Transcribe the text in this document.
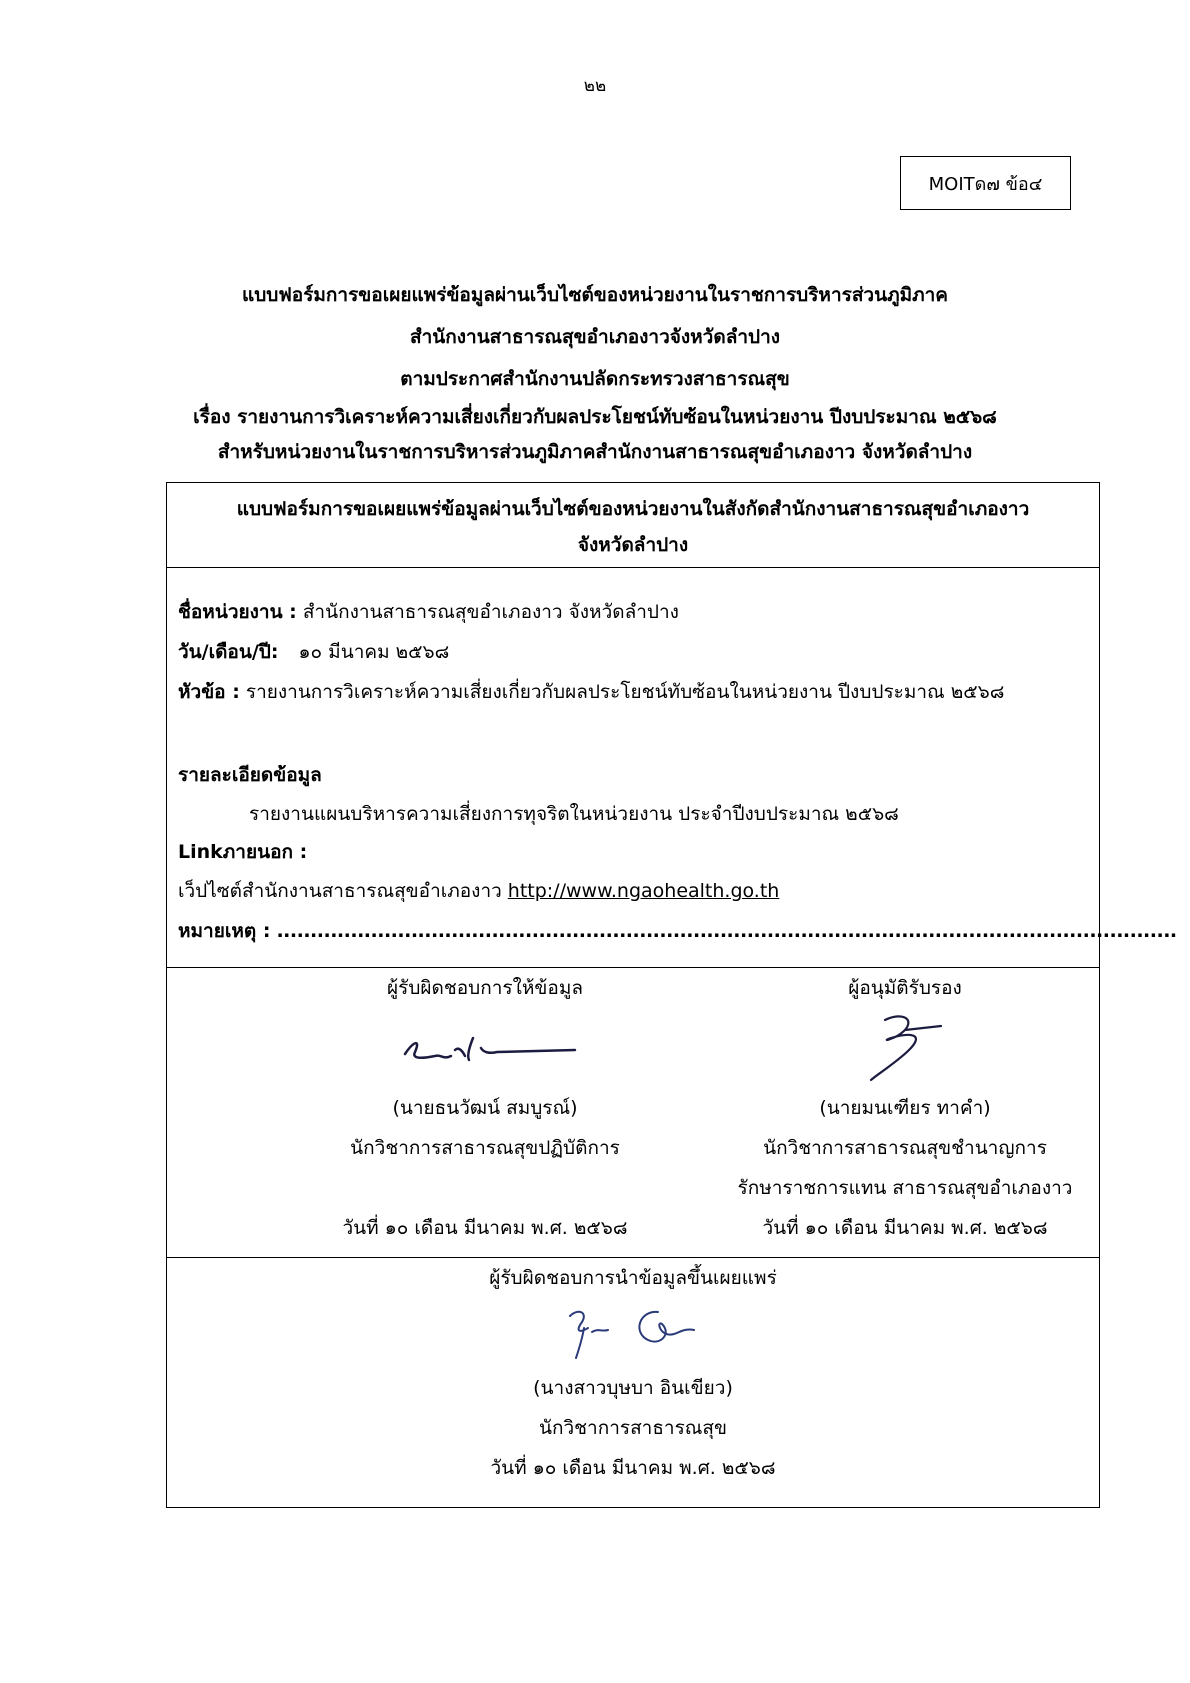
๒๒
MOITด๗ ข้อ๔
แบบฟอร์มการขอเผยแพร่ข้อมูลผ่านเว็บไซต์ของหน่วยงานในราชการบริหารส่วนภูมิภาค
สำนักงานสาธารณสุขอำเภองาวจังหวัดลำปาง
ตามประกาศสำนักงานปลัดกระทรวงสาธารณสุข
เรื่อง รายงานการวิเคราะห์ความเสี่ยงเกี่ยวกับผลประโยชน์ทับซ้อนในหน่วยงาน ปีงบประมาณ ๒๕๖๘
สำหรับหน่วยงานในราชการบริหารส่วนภูมิภาคสำนักงานสาธารณสุขอำเภองาว จังหวัดลำปาง
แบบฟอร์มการขอเผยแพร่ข้อมูลผ่านเว็บไซต์ของหน่วยงานในสังกัดสำนักงานสาธารณสุขอำเภองาว
จังหวัดลำปาง
ชื่อหน่วยงาน : สำนักงานสาธารณสุขอำเภองาว จังหวัดลำปาง
วัน/เดือน/ปี: ๑๐ มีนาคม ๒๕๖๘
หัวข้อ : รายงานการวิเคราะห์ความเสี่ยงเกี่ยวกับผลประโยชน์ทับซ้อนในหน่วยงาน ปีงบประมาณ ๒๕๖๘
รายละเอียดข้อมูล
รายงานแผนบริหารความเสี่ยงการทุจริตในหน่วยงาน ประจำปีงบประมาณ ๒๕๖๘
Linkภายนอก :
เว็ปไซต์สำนักงานสาธารณสุขอำเภองาว http://www.ngaohealth.go.th
หมายเหตุ : ......................................................................................................................................
ผู้รับผิดชอบการให้ข้อมูล
(นายธนวัฒน์ สมบูรณ์)
นักวิชาการสาธารณสุขปฏิบัติการ
วันที่ ๑๐ เดือน มีนาคม พ.ศ. ๒๕๖๘
ผู้อนุมัติรับรอง
(นายมนเฑียร ทาคำ)
นักวิชาการสาธารณสุขชำนาญการ
รักษาราชการแทน สาธารณสุขอำเภองาว
วันที่ ๑๐ เดือน มีนาคม พ.ศ. ๒๕๖๘
ผู้รับผิดชอบการนำข้อมูลขึ้นเผยแพร่
(นางสาวบุษบา อินเขียว)
นักวิชาการสาธารณสุข
วันที่ ๑๐ เดือน มีนาคม พ.ศ. ๒๕๖๘
